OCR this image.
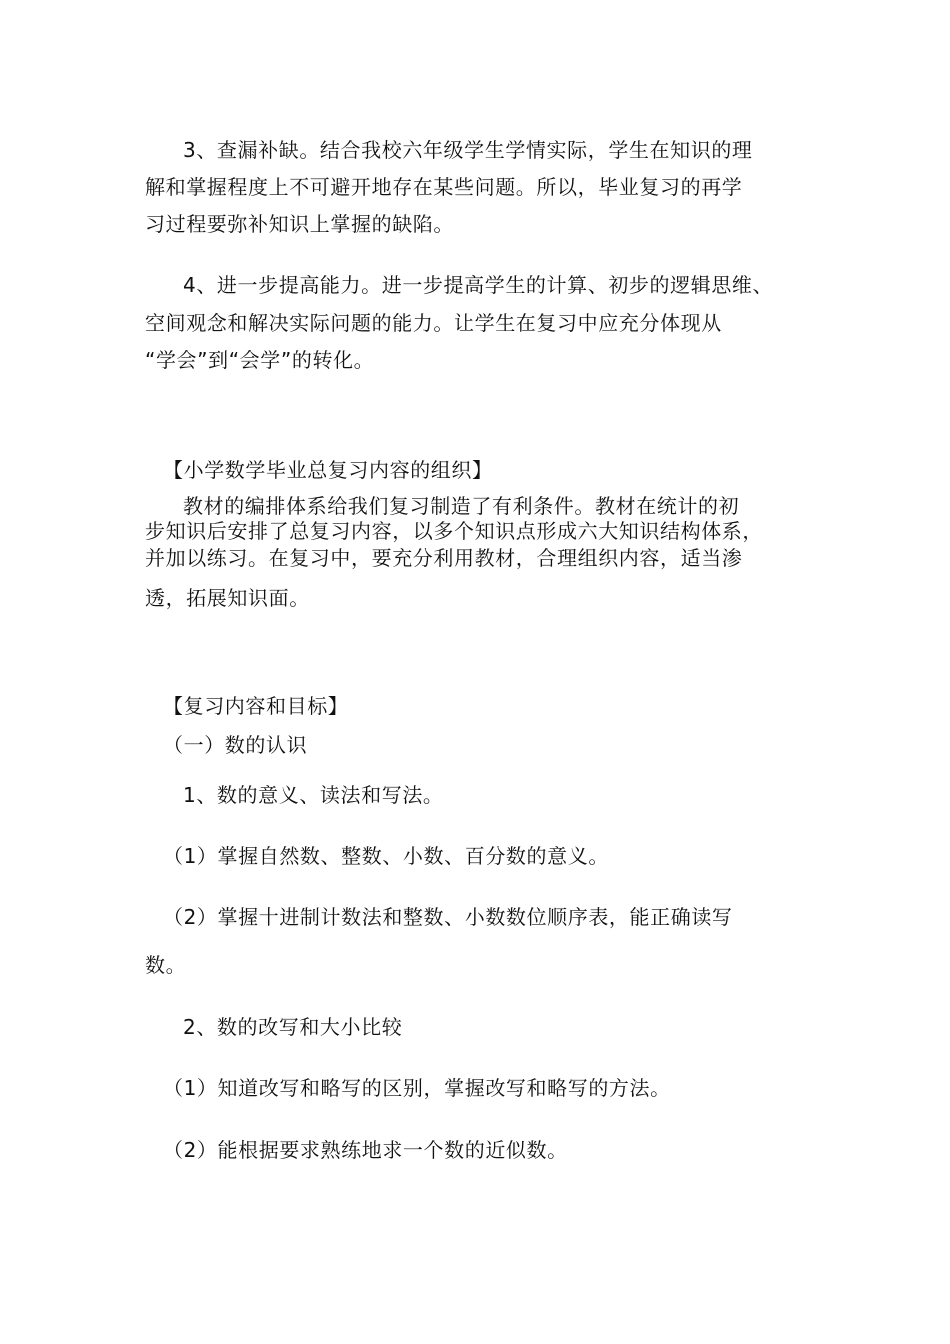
3、查漏补缺。结合我校六年级学生学情实际，学生在知识的理
解和掌握程度上不可避开地存在某些问题。所以，毕业复习的再学
习过程要弥补知识上掌握的缺陷。
4、进一步提高能力。进一步提高学生的计算、初步的逻辑思维、
空间观念和解决实际问题的能力。让学生在复习中应充分体现从
“学会”到“会学”的转化。
【小学数学毕业总复习内容的组织】
教材的编排体系给我们复习制造了有利条件。教材在统计的初
步知识后安排了总复习内容，以多个知识点形成六大知识结构体系，
并加以练习。在复习中，要充分利用教材，合理组织内容，适当渗
透，拓展知识面。
【复习内容和目标】
（一）数的认识
1、数的意义、读法和写法。
（1）掌握自然数、整数、小数、百分数的意义。
（2）掌握十进制计数法和整数、小数数位顺序表，能正确读写
数。
2、数的改写和大小比较
（1）知道改写和略写的区别，掌握改写和略写的方法。
（2）能根据要求熟练地求一个数的近似数。
